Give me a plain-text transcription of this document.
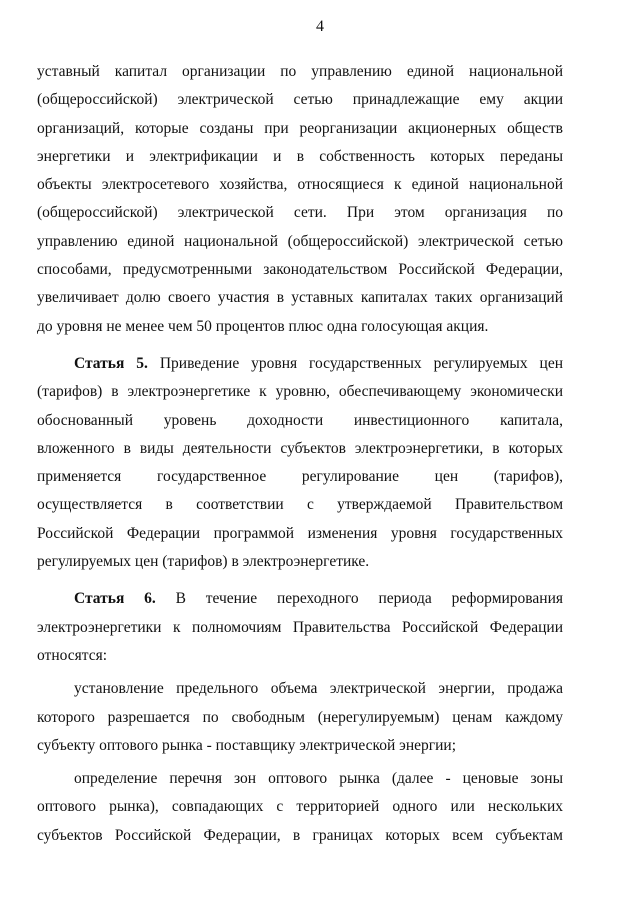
4
уставный капитал организации по управлению единой национальной
(общероссийской) электрической сетью принадлежащие ему акции
организаций, которые созданы при реорганизации акционерных обществ
энергетики и электрификации и в собственность которых переданы
объекты электросетевого хозяйства, относящиеся к единой национальной
(общероссийской) электрической сети. При этом организация по
управлению единой национальной (общероссийской) электрической сетью
способами, предусмотренными законодательством Российской Федерации,
увеличивает долю своего участия в уставных капиталах таких организаций
до уровня не менее чем 50 процентов плюс одна голосующая акция.
Статья 5. Приведение уровня государственных регулируемых цен
(тарифов) в электроэнергетике к уровню, обеспечивающему экономически
обоснованный уровень доходности инвестиционного капитала,
вложенного в виды деятельности субъектов электроэнергетики, в которых
применяется государственное регулирование цен (тарифов),
осуществляется в соответствии с утверждаемой Правительством
Российской Федерации программой изменения уровня государственных
регулируемых цен (тарифов) в электроэнергетике.
Статья 6. В течение переходного периода реформирования
электроэнергетики к полномочиям Правительства Российской Федерации
относятся:
установление предельного объема электрической энергии, продажа
которого разрешается по свободным (нерегулируемым) ценам каждому
субъекту оптового рынка - поставщику электрической энергии;
определение перечня зон оптового рынка (далее - ценовые зоны
оптового рынка), совпадающих с территорией одного или нескольких
субъектов Российской Федерации, в границах которых всем субъектам
